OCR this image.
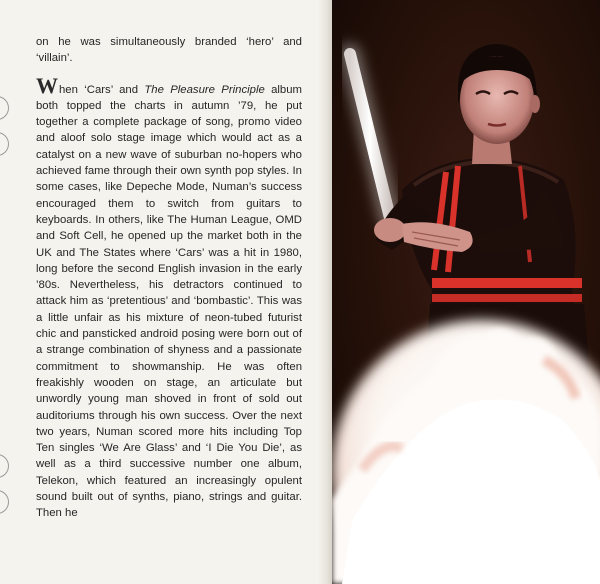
on he was simultaneously branded ‘hero’ and ‘villain’.

When ‘Cars’ and The Pleasure Principle album both topped the charts in autumn ’79, he put together a complete package of song, promo video and aloof solo stage image which would act as a catalyst on a new wave of suburban no-hopers who achieved fame through their own synth pop styles. In some cases, like Depeche Mode, Numan’s success encouraged them to switch from guitars to keyboards. In others, like The Human League, OMD and Soft Cell, he opened up the market both in the UK and The States where ‘Cars’ was a hit in 1980, long before the second English invasion in the early ’80s. Nevertheless, his detractors continued to attack him as ‘pretentious’ and ‘bombastic’. This was a little unfair as his mixture of neon-tubed futurist chic and pansticked android posing were born out of a strange combination of shyness and a passionate commitment to showmanship. He was often freakishly wooden on stage, an articulate but unwordly young man shoved in front of sold out auditoriums through his own success. Over the next two years, Numan scored more hits including Top Ten singles ‘We Are Glass’ and ‘I Die You Die’, as well as a third successive number one album, Telekon, which featured an increasingly opulent sound built out of synths, piano, strings and guitar. Then he
